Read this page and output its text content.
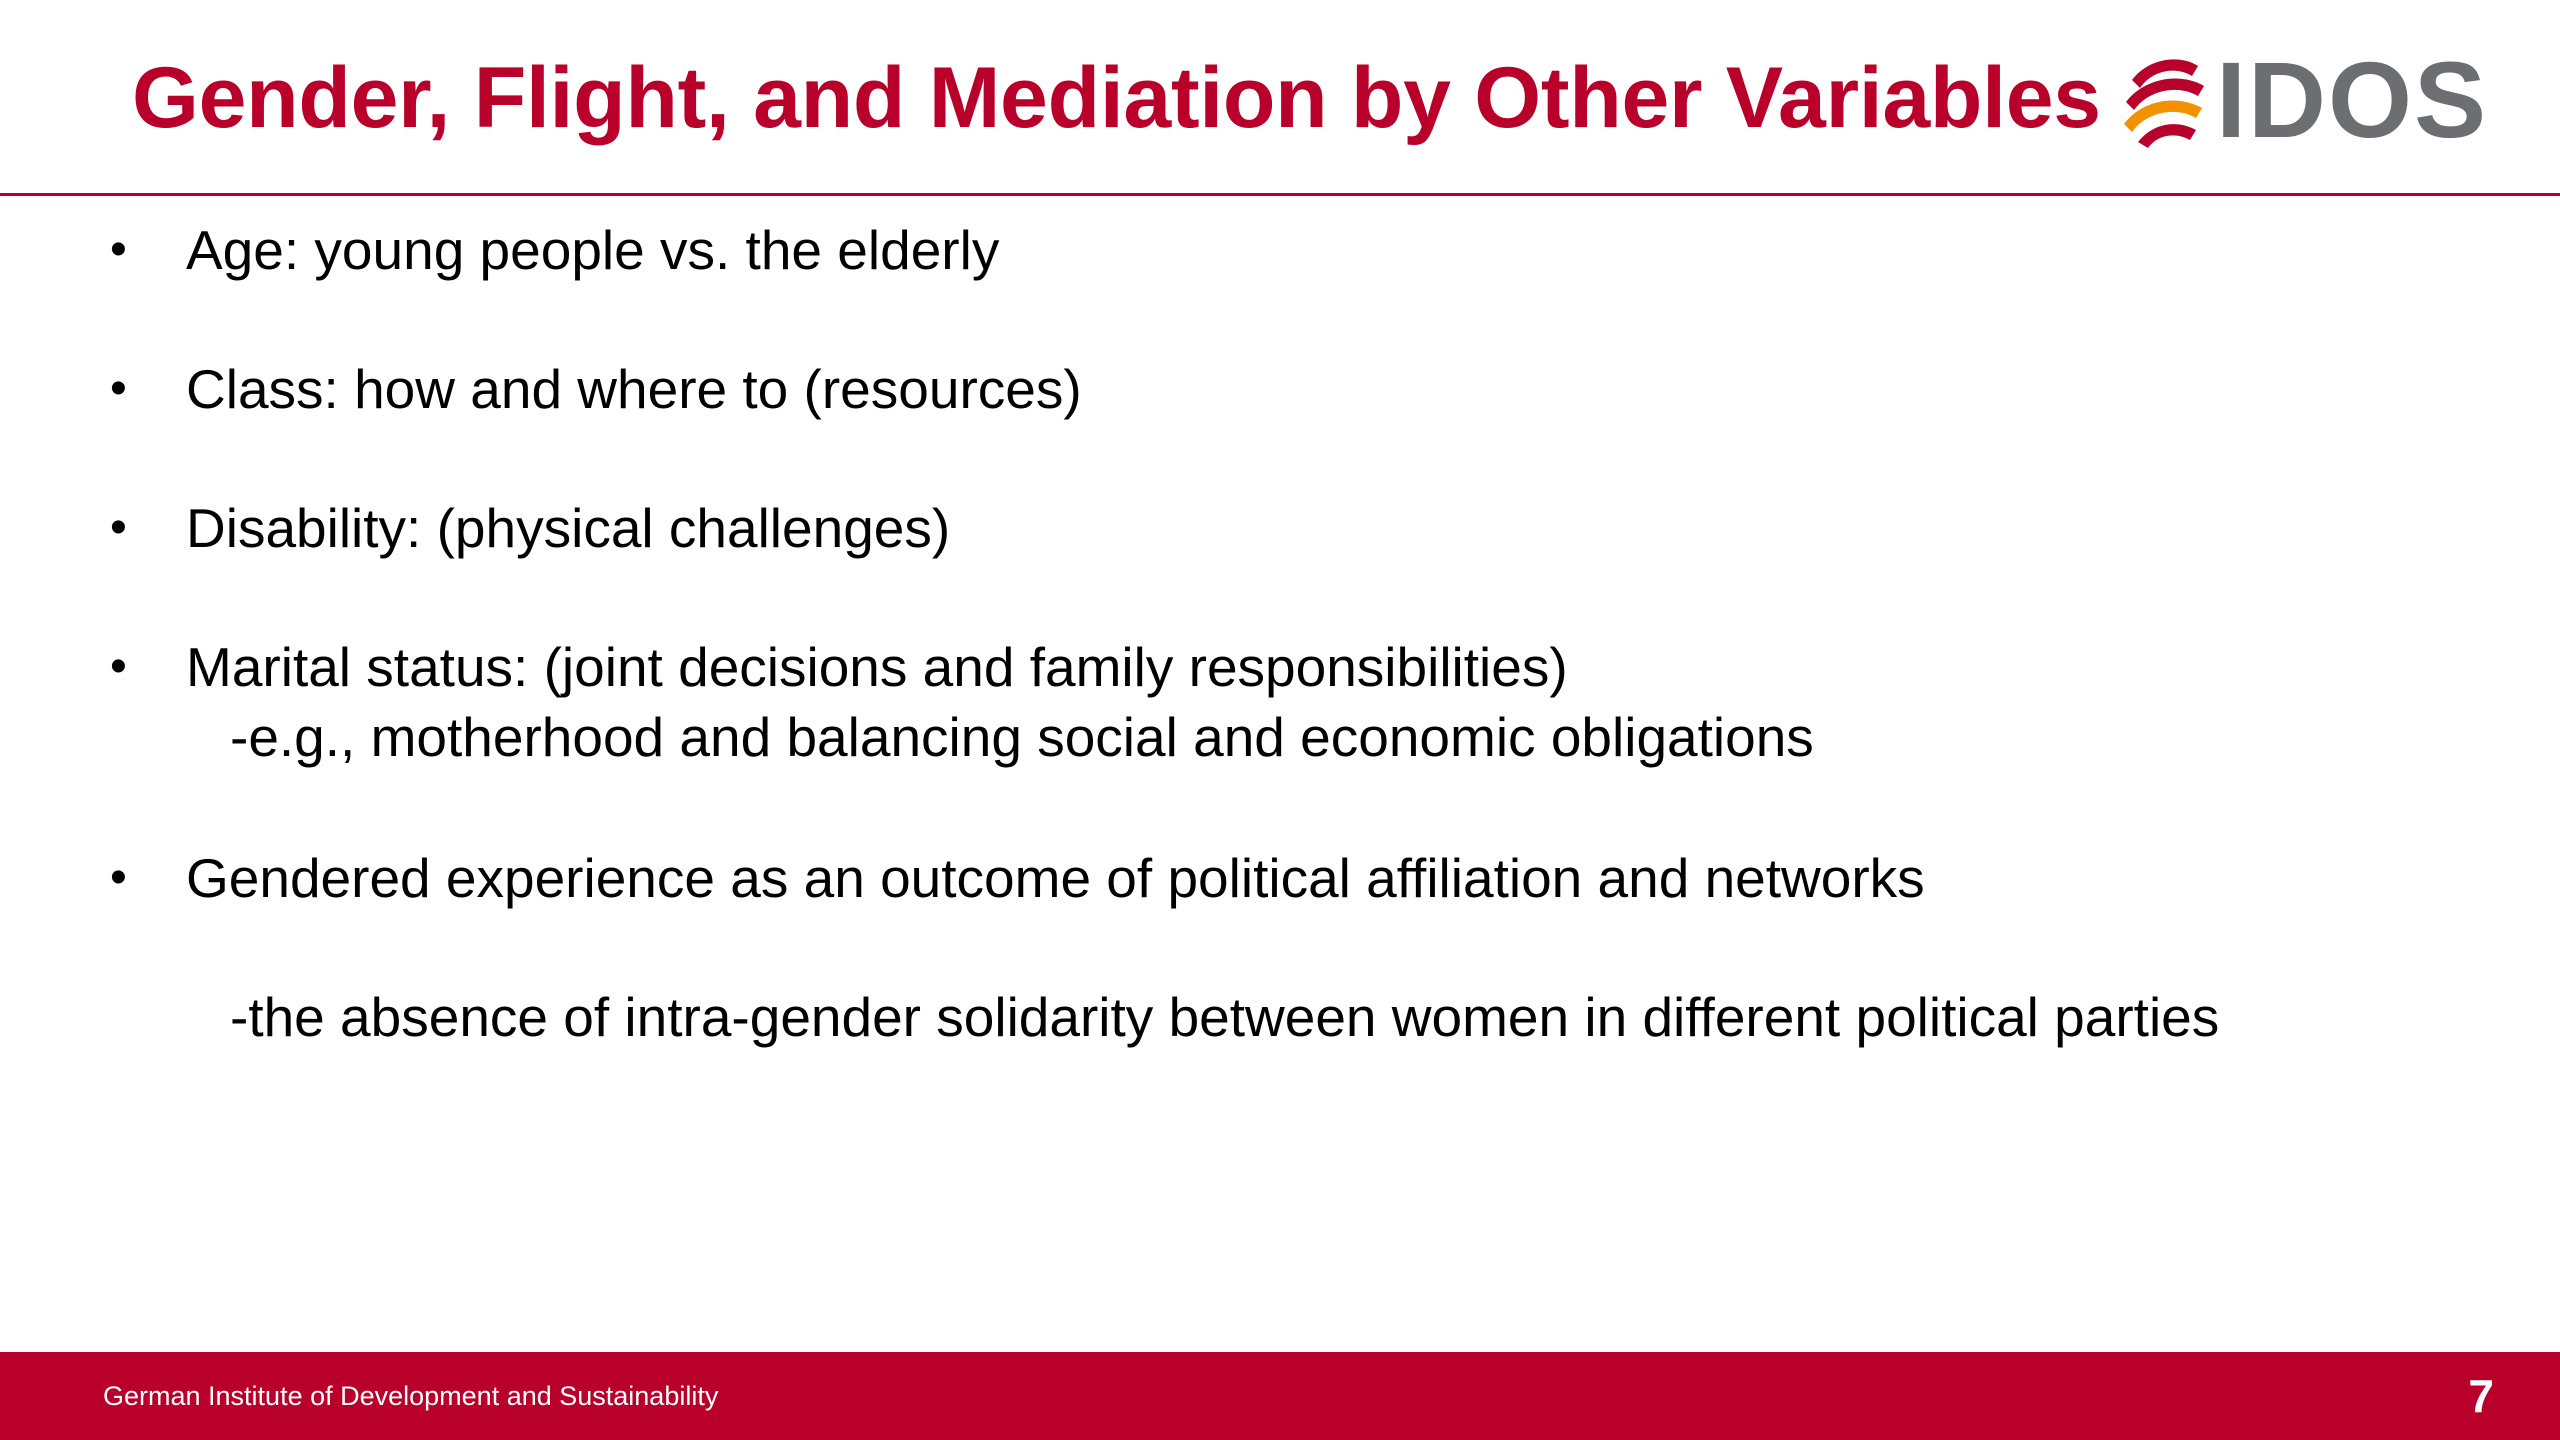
Gender, Flight, and Mediation by Other Variables IDOS
• Age: young people vs. the elderly
• Class: how and where to (resources)
• Disability: (physical challenges)
• Marital status: (joint decisions and family responsibilities)
-e.g., motherhood and balancing social and economic obligations
• Gendered experience as an outcome of political affiliation and networks
-the absence of intra-gender solidarity between women in different political parties
German Institute of Development and Sustainability	7
